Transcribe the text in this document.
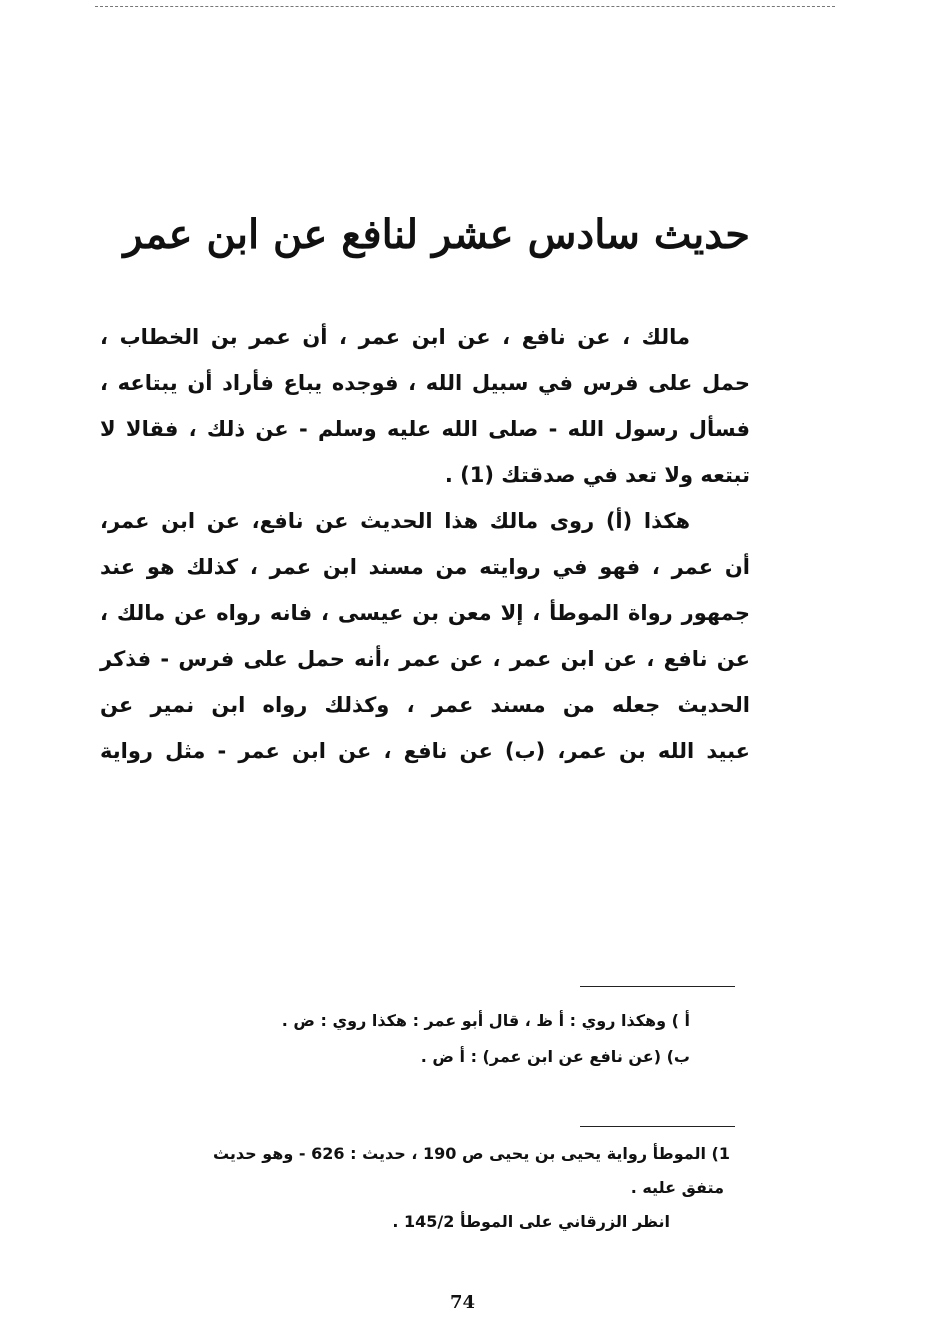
حديث سادس عشر لنافع عن ابن عمر
مالك ، عن نافع ، عن ابن عمر ، أن عمر بن الخطاب ،
حمل على فرس في سبيل الله ، فوجده يباع فأراد أن يبتاعه ،
فسأل رسول الله - صلى الله عليه وسلم - عن ذلك ، فقالا لا
تبتعه ولا تعد في صدقتك (1) .
هكذا (أ) روى مالك هذا الحديث عن نافع، عن ابن عمر،
أن عمر ، فهو في روايته من مسند ابن عمر ، كذلك هو عند
جمهور رواة الموطأ ، إلا معن بن عيسى ، فانه رواه عن مالك ،
عن نافع ، عن ابن عمر ، عن عمر ،أنه حمل على فرس - فذكر
الحديث جعله من مسند عمر ، وكذلك رواه ابن نمير عن
عبيد الله بن عمر، (ب) عن نافع ، عن ابن عمر - مثل رواية
أ ) وهكذا روي : أ ظ ، قال أبو عمر : هكذا روي : ض .
ب) (عن نافع عن ابن عمر) : أ ض .
1) الموطأ رواية يحيى بن يحيى ص 190 ، حديث : 626 - وهو حديث
متفق عليه .
انظر الزرقاني على الموطأ 145/2 .
74
